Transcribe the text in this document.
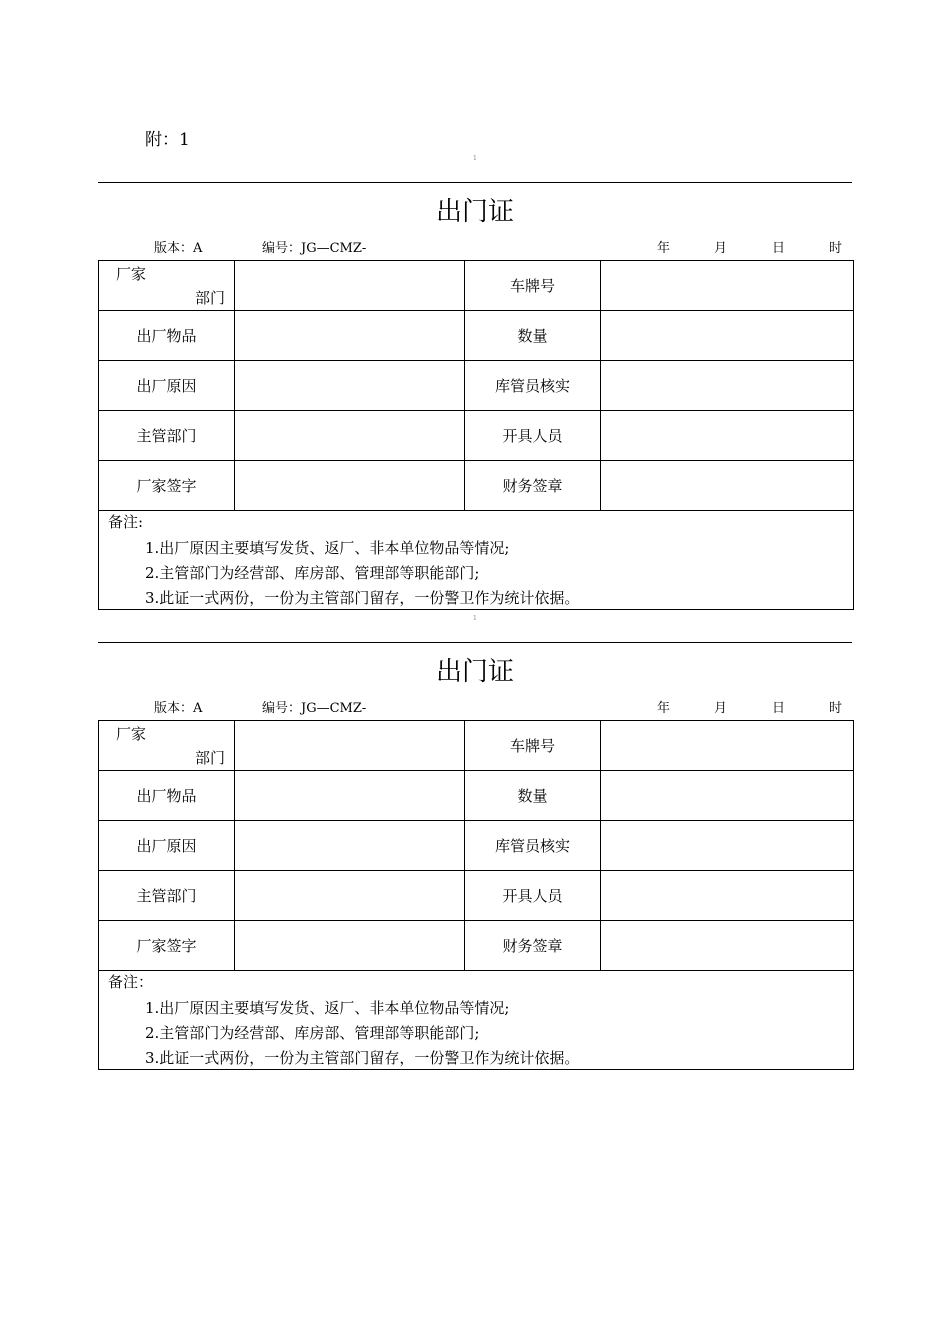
附：1
1
出门证
版本：A	编号：JG—CMZ-	年	月	日	时
厂家
部门		车牌号	
出厂物品		数量	
出厂原因		库管员核实	
主管部门		开具人员	
厂家签字		财务签章	

备注:
1.出厂原因主要填写发货、返厂、非本单位物品等情况;
2.主管部门为经营部、库房部、管理部等职能部门;
3.此证一式两份，一份为主管部门留存，一份警卫作为统计依据。			
1
出门证
版本：A	编号：JG—CMZ-	年	月	日	时
厂家
部门		车牌号	
出厂物品		数量	
出厂原因		库管员核实	
主管部门		开具人员	
厂家签字		财务签章	

备注：
1.出厂原因主要填写发货、返厂、非本单位物品等情况;
2.主管部门为经营部、库房部、管理部等职能部门;
3.此证一式两份，一份为主管部门留存，一份警卫作为统计依据。			
